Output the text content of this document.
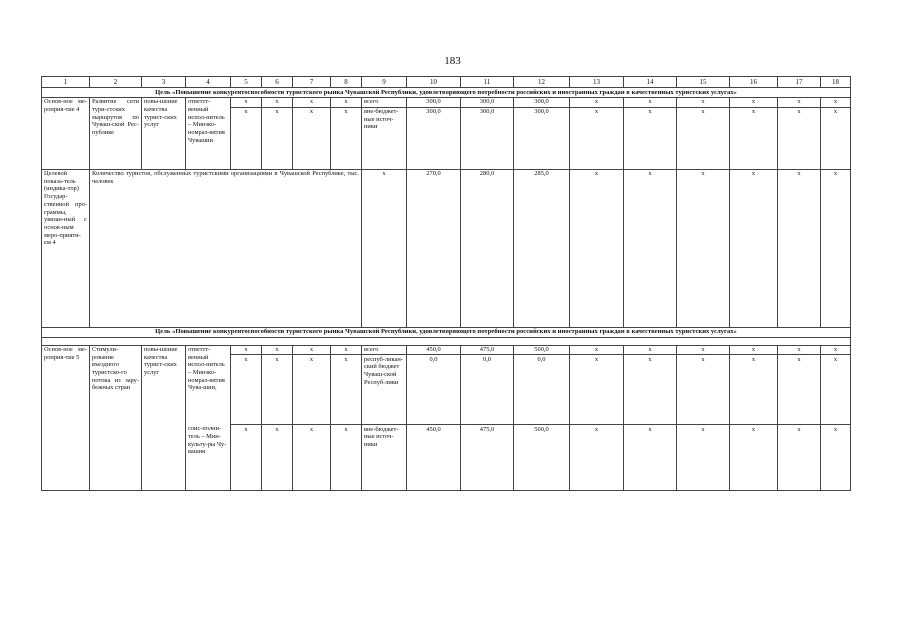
183
1	2	3	4	5	6	7	8	9	10	11	12	13	14	15	16	17	18
Цель «Повышение конкурентоспособности туристского рынка Чувашской Республики, удовлетворяющего потребности российских и иностранных граждан в качественных туристских услугах»																	
Основ-ное ме-роприя-тие 4	Развитие сети тури-стских маршрутов по Чуваш-ской Рес-публике	повы-шение качества турист-ских услуг	ответст-венный испол-нитель – Минэко-номраз-вития Чувашии	x	x	x	x	всего	300,0	300,0	300,0	x	x	x	x	x	x
				x	x	x	x	вне-бюджет-ные источ-ники	300,0	300,0	300,0	x	x	x	x	x	x
Целевой показа-тель (индика-тор) Государ-ственной про-граммы, увязан-ный с основ-ным меро-прияти-ем 4	Количество туристов, обслуженных туристскими организациями в Чувашской Республике, тыс. человек							x	270,0	280,0	285,0	x	x	x	x	x	x
Цель «Повышение конкурентоспособности туристского рынка Чувашской Республики, удовлетворяющего потребности российских и иностранных граждан в качественных туристских услугах»																	

Основ-ное ме-роприя-тие 5	Стимули-рование въездного туристско-го потока из зару-бежных стран	повы-шение качества турист-ских услуг	ответст-венный испол-нитель – Минэко-номраз-вития Чува-шии,	x	x	x	x	всего	450,0	475,0	500,0	x	x	x	x	x	x
				x	x	x	x	респуб-ликан-ский бюджет Чуваш-ской Респуб-лики	0,0	0,0	0,0	x	x	x	x	x	x
			соис-полни-тель – Мин-культу-ры Чу-вашии	x	x	x	x	вне-бюджет-ные источ-ники	450,0	475,0	500,0	x	x	x	x	x	x
